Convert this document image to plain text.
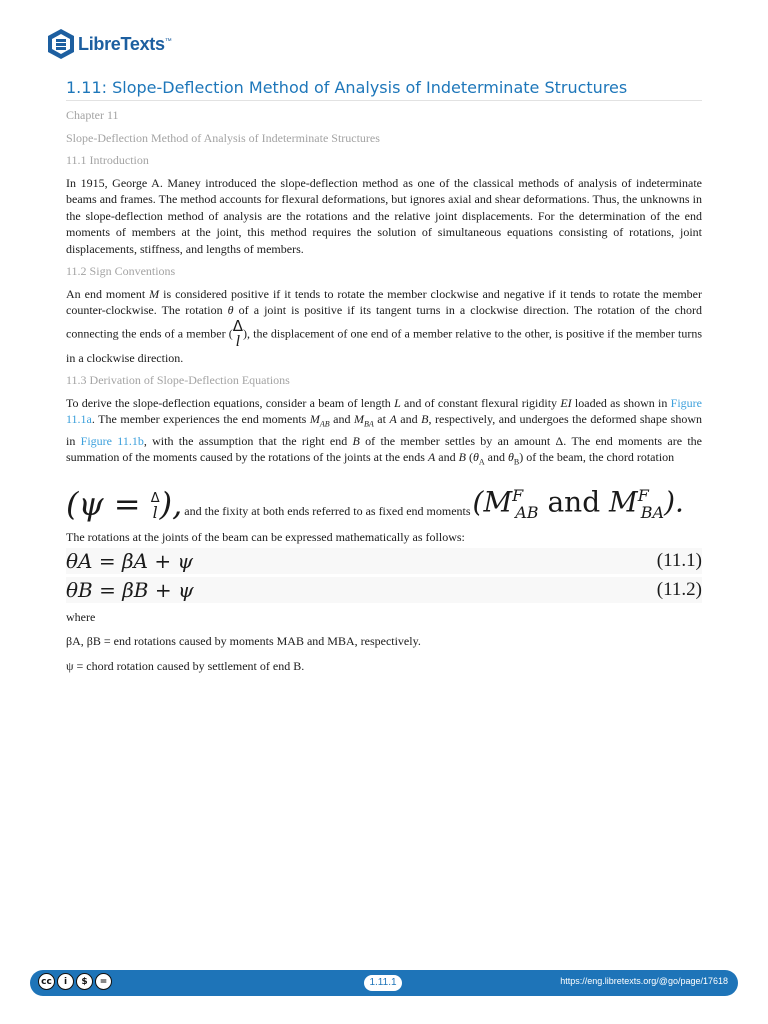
LibreTexts™
1.11: Slope-Deflection Method of Analysis of Indeterminate Structures
Chapter 11
Slope-Deflection Method of Analysis of Indeterminate Structures
11.1 Introduction

In 1915, George A. Maney introduced the slope-deflection method as one of the classical methods of analysis of indeterminate beams and frames. The method accounts for flexural deformations, but ignores axial and shear deformations. Thus, the unknowns in the slope-deflection method of analysis are the rotations and the relative joint displacements. For the determination of the end moments of members at the joint, this method requires the solution of simultaneous equations consisting of rotations, joint displacements, stiffness, and lengths of members.

11.2 Sign Conventions

An end moment M is considered positive if it tends to rotate the member clockwise and negative if it tends to rotate the member counter-clockwise. The rotation θ of a joint is positive if its tangent turns in a clockwise direction. The rotation of the chord connecting the ends of a member ( Δ
l ), the displacement of one end of a member relative to the other, is positive if the member turns in a clockwise direction.

11.3 Derivation of Slope-Deflection Equations

To derive the slope-deflection equations, consider a beam of length L and of constant flexural rigidity EI loaded as shown in Figure 11.1a. The member experiences the end moments $M_{AB}$ and $M_{BA}$ at A and B, respectively, and undergoes the deformed shape shown in Figure 11.1b, with the assumption that the right end B of the member settles by an amount Δ. The end moments are the summation of the moments caused by the rotations of the joints at the ends A and B ($\theta_A$ and $\theta_B$) of the beam, the chord rotation

(ψ = Δ
l ), and the fixity at both ends referred to as fixed end moments ($M^F_{AB}$ and $M^F_{BA}$).

The rotations at the joints of the beam can be expressed mathematically as follows:

θA = βA + ψ	(11.1)
θB = βB + ψ	(11.2)

where

βA, βB = end rotations caused by moments MAB and MBA, respectively.

ψ = chord rotation caused by settlement of end B.

cc	i	$	=	1.11.1	https://eng.libretexts.org/@go/page/17618
